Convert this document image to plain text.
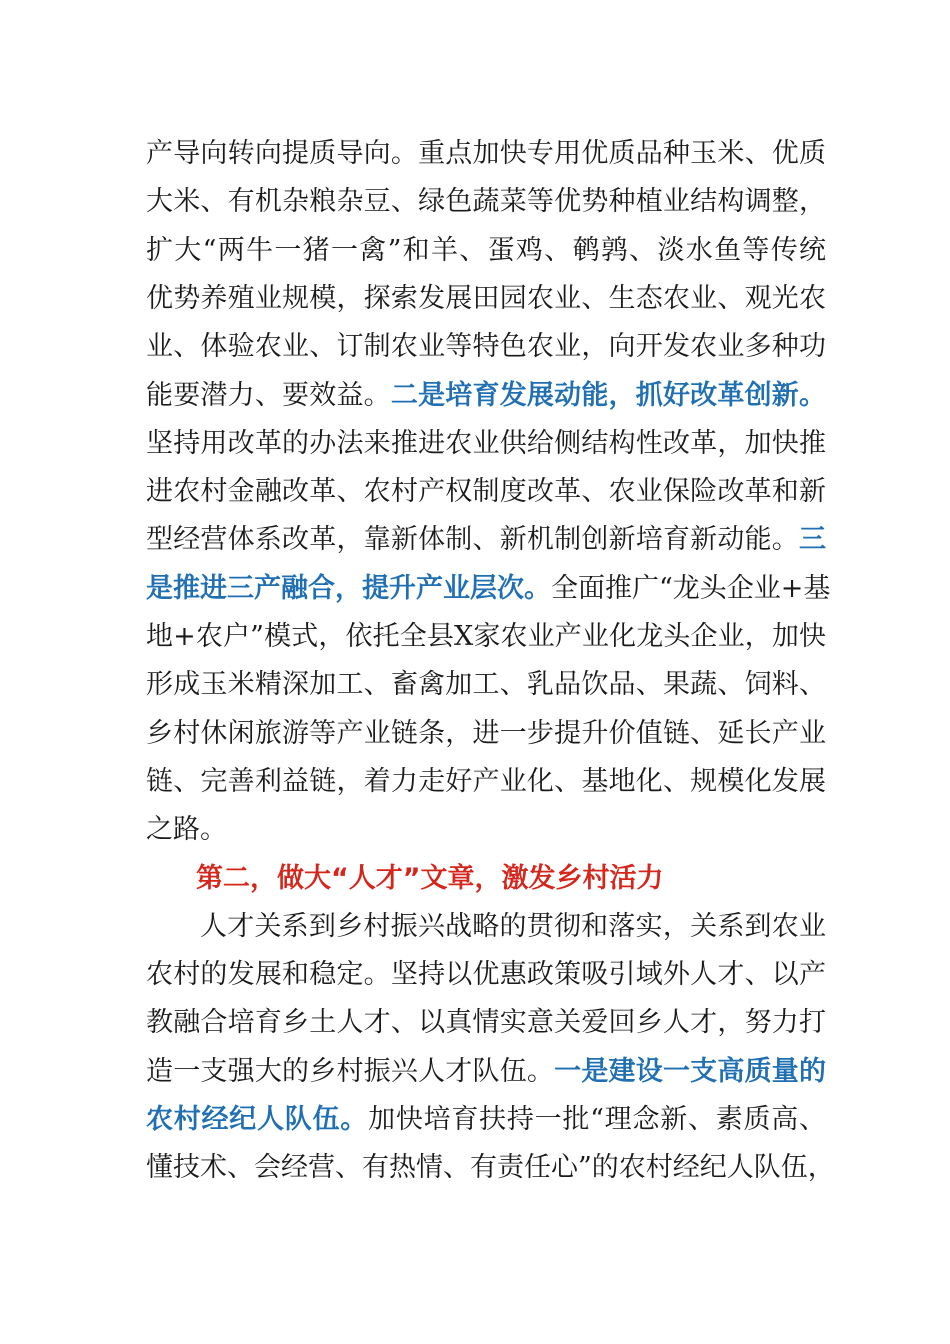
产导向转向提质导向。重点加快专用优质品种玉米、优质
大米、有机杂粮杂豆、绿色蔬菜等优势种植业结构调整，
扩大“两牛一猪一禽”和羊、蛋鸡、鹌鹑、淡水鱼等传统
优势养殖业规模，探索发展田园农业、生态农业、观光农
业、体验农业、订制农业等特色农业，向开发农业多种功
能要潜力、要效益。二是培育发展动能，抓好改革创新。
坚持用改革的办法来推进农业供给侧结构性改革，加快推
进农村金融改革、农村产权制度改革、农业保险改革和新
型经营体系改革，靠新体制、新机制创新培育新动能。三
是推进三产融合，提升产业层次。全面推广“龙头企业+基
地+农户”模式，依托全县X家农业产业化龙头企业，加快
形成玉米精深加工、畜禽加工、乳品饮品、果蔬、饲料、
乡村休闲旅游等产业链条，进一步提升价值链、延长产业
链、完善利益链，着力走好产业化、基地化、规模化发展
之路。
第二，做大“人才”文章，激发乡村活力
人才关系到乡村振兴战略的贯彻和落实，关系到农业
农村的发展和稳定。坚持以优惠政策吸引域外人才、以产
教融合培育乡土人才、以真情实意关爱回乡人才，努力打
造一支强大的乡村振兴人才队伍。一是建设一支高质量的
农村经纪人队伍。加快培育扶持一批“理念新、素质高、
懂技术、会经营、有热情、有责任心”的农村经纪人队伍，
